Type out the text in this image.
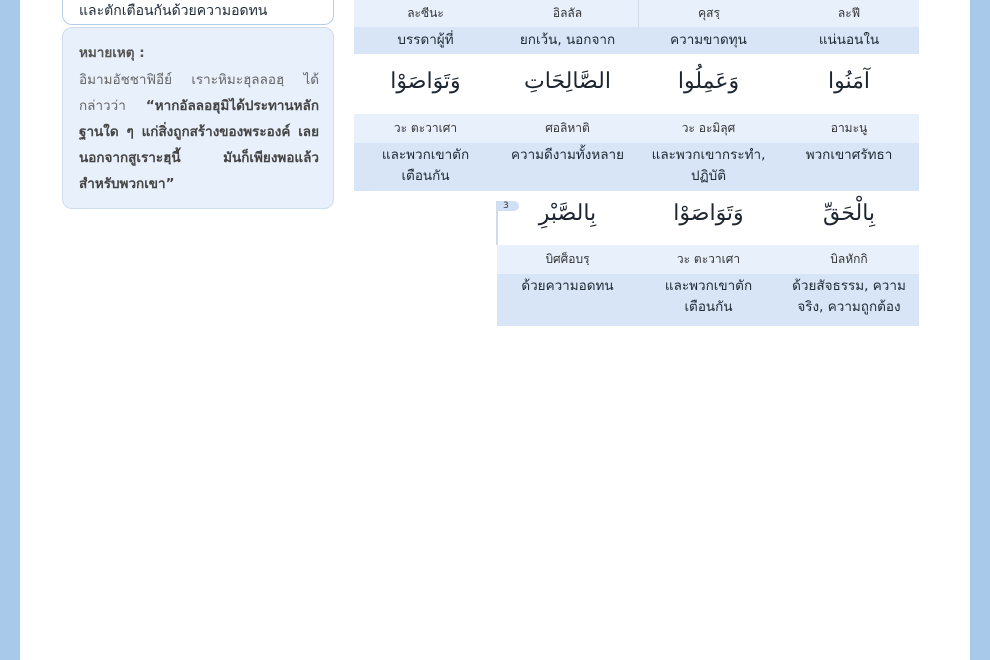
และตักเตือนกันด้วยความอดทน
หมายเหตุ :
อิมามอัชชาฟิอีย์ เราะหิมะฮุลลอฮฺ ได้กล่าวว่า “หากอัลลอฮุมิได้ประทานหลักฐานใด ๆ แก่สิ่งถูกสร้างของพระองค์ เลยนอกจากสูเราะฮฺนี้ มันก็เพียงพอแล้วสำหรับพวกเขา”
ละฟี
คุสรฺ
อิลลัล
ละซีนะ
แน่นอนใน
ความขาดทุน
ยกเว้น, นอกจาก
บรรดาผู้ที่
آمَنُوا
وَعَمِلُوا
الصَّالِحَاتِ
وَتَوَاصَوْا
อามะนู
วะ อะมิลุศ
ศอลิหาติ
วะ ตะวาเศา
พวกเขาศรัทธา
และพวกเขากระทำ, ปฏิบัติ
ความดีงามทั้งหลาย
และพวกเขาตักเตือนกัน
3	بِالْحَقِّ
وَتَوَاصَوْا
بِالصَّبْرِ
บิลหักกิ
วะ ตะวาเศา
บิศศ็อบรฺ
ด้วยสัจธรรม, ความจริง, ความถูกต้อง
และพวกเขาตักเตือนกัน
ด้วยความอดทน
